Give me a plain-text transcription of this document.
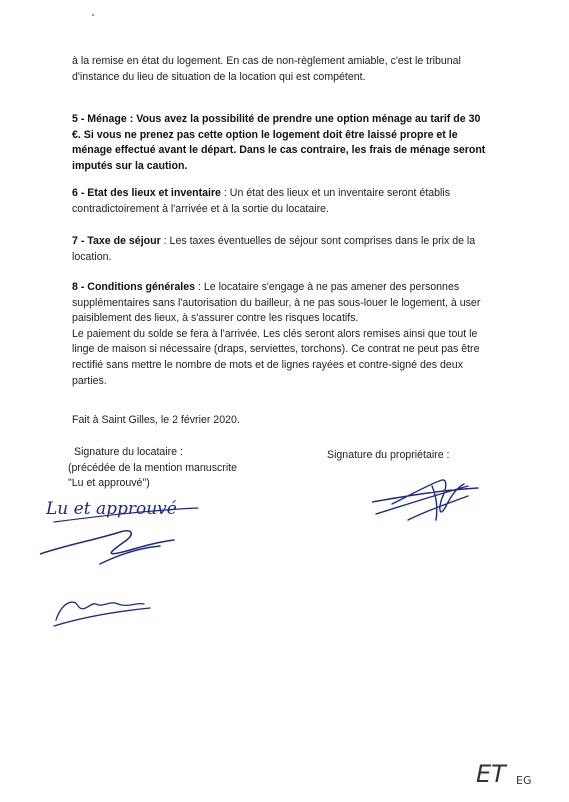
à la remise en état du logement. En cas de non-règlement amiable, c'est le tribunal d'instance du lieu de situation de la location qui est compétent.

5 - Ménage : Vous avez la possibilité de prendre une option ménage au tarif de 30 €. Si vous ne prenez pas cette option le logement doit être laissé propre et le ménage effectué avant le départ. Dans le cas contraire, les frais de ménage seront imputés sur la caution.

6 - Etat des lieux et inventaire : Un état des lieux et un inventaire seront établis contradictoirement à l'arrivée et à la sortie du locataire.

7 - Taxe de séjour : Les taxes éventuelles de séjour sont comprises dans le prix de la location.

8 - Conditions générales : Le locataire s'engage à ne pas amener des personnes supplémentaires sans l'autorisation du bailleur, à ne pas sous-louer le logement, à user paisiblement des lieux, à s'assurer contre les risques locatifs.
Le paiement du solde se fera à l'arrivée. Les clés seront alors remises ainsi que tout le linge de maison si nécessaire (draps, serviettes, torchons). Ce contrat ne peut pas être rectifié sans mettre le nombre de mots et de lignes rayées et contre-signé des deux parties.
Fait à Saint Gilles, le 2 février 2020.
Signature du locataire :
(précédée de la mention manuscrite
"Lu et approuvé")
Signature du propriétaire :
Lu et approuvé
ET EG
